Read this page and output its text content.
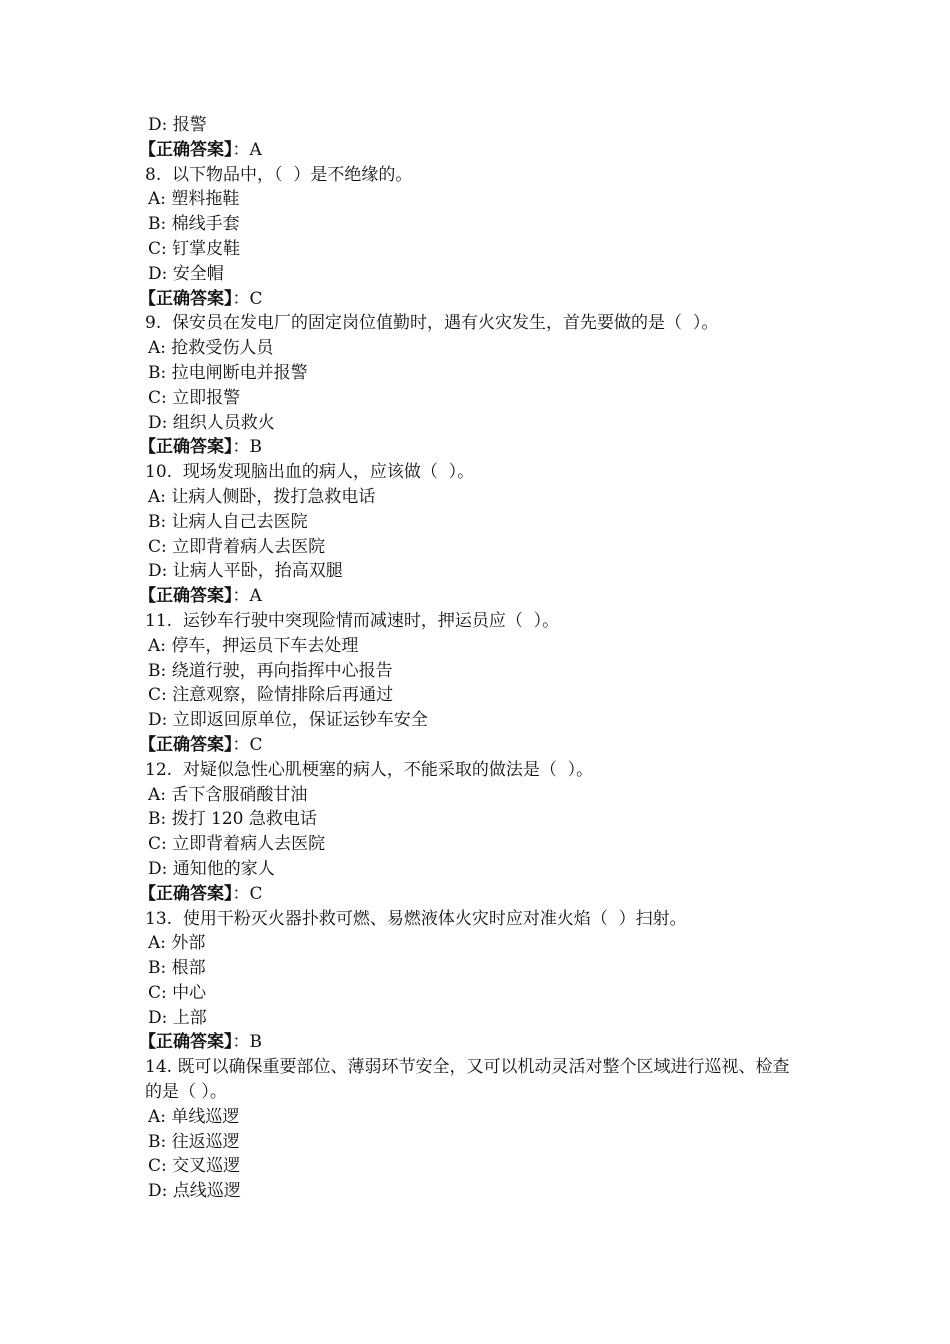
D: 报警
【正确答案】：A
8.  以下物品中，（  ）是不绝缘的。
A: 塑料拖鞋
B: 棉线手套
C: 钉掌皮鞋
D: 安全帽
【正确答案】：C
9.  保安员在发电厂的固定岗位值勤时，遇有火灾发生，首先要做的是（  ）。
A: 抢救受伤人员
B: 拉电闸断电并报警
C: 立即报警
D: 组织人员救火
【正确答案】：B
10.  现场发现脑出血的病人，应该做（  ）。
A: 让病人侧卧，拨打急救电话
B: 让病人自己去医院
C: 立即背着病人去医院
D: 让病人平卧，抬高双腿
【正确答案】：A
11.  运钞车行驶中突现险情而减速时，押运员应（  ）。
A: 停车，押运员下车去处理
B: 绕道行驶，再向指挥中心报告
C: 注意观察，险情排除后再通过
D: 立即返回原单位，保证运钞车安全
【正确答案】：C
12.  对疑似急性心肌梗塞的病人，不能采取的做法是（  ）。
A: 舌下含服硝酸甘油
B: 拨打 120 急救电话
C: 立即背着病人去医院
D: 通知他的家人
【正确答案】：C
13.  使用干粉灭火器扑救可燃、易燃液体火灾时应对准火焰（  ）扫射。
A: 外部
B: 根部
C: 中心
D: 上部
【正确答案】：B
14. 既可以确保重要部位、薄弱环节安全，又可以机动灵活对整个区域进行巡视、检查的是（ ）。
A: 单线巡逻
B: 往返巡逻
C: 交叉巡逻
D: 点线巡逻
